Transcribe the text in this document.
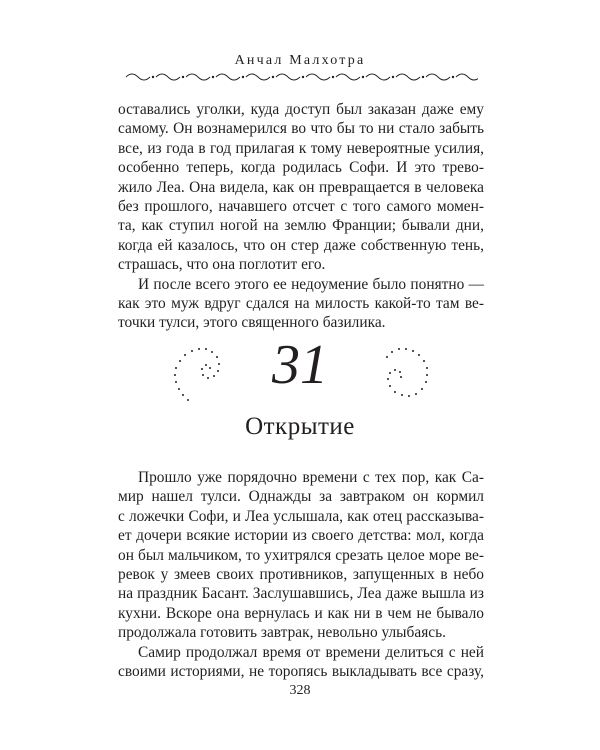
Анчал Малхотра
оставались уголки, куда доступ был заказан даже ему
самому. Он вознамерился во что бы то ни стало забыть
все, из года в год прилагая к тому невероятные усилия,
особенно теперь, когда родилась Софи. И это трево-
жило Леа. Она видела, как он превращается в человека
без прошлого, начавшего отсчет с того самого момен-
та, как ступил ногой на землю Франции; бывали дни,
когда ей казалось, что он стер даже собственную тень,
страшась, что она поглотит его.
И после всего этого ее недоумение было понятно —
как это муж вдруг сдался на милость какой-то там ве-
точки тулси, этого священного базилика.
31
Открытие
Прошло уже порядочно времени с тех пор, как Са-
мир нашел тулси. Однажды за завтраком он кормил
с ложечки Софи, и Леа услышала, как отец рассказыва-
ет дочери всякие истории из своего детства: мол, когда
он был мальчиком, то ухитрялся срезать целое море ве-
ревок у змеев своих противников, запущенных в небо
на праздник Басант. Заслушавшись, Леа даже вышла из
кухни. Вскоре она вернулась и как ни в чем не бывало
продолжала готовить завтрак, невольно улыбаясь.
Самир продолжал время от времени делиться с ней
своими историями, не торопясь выкладывать все сразу,
328
